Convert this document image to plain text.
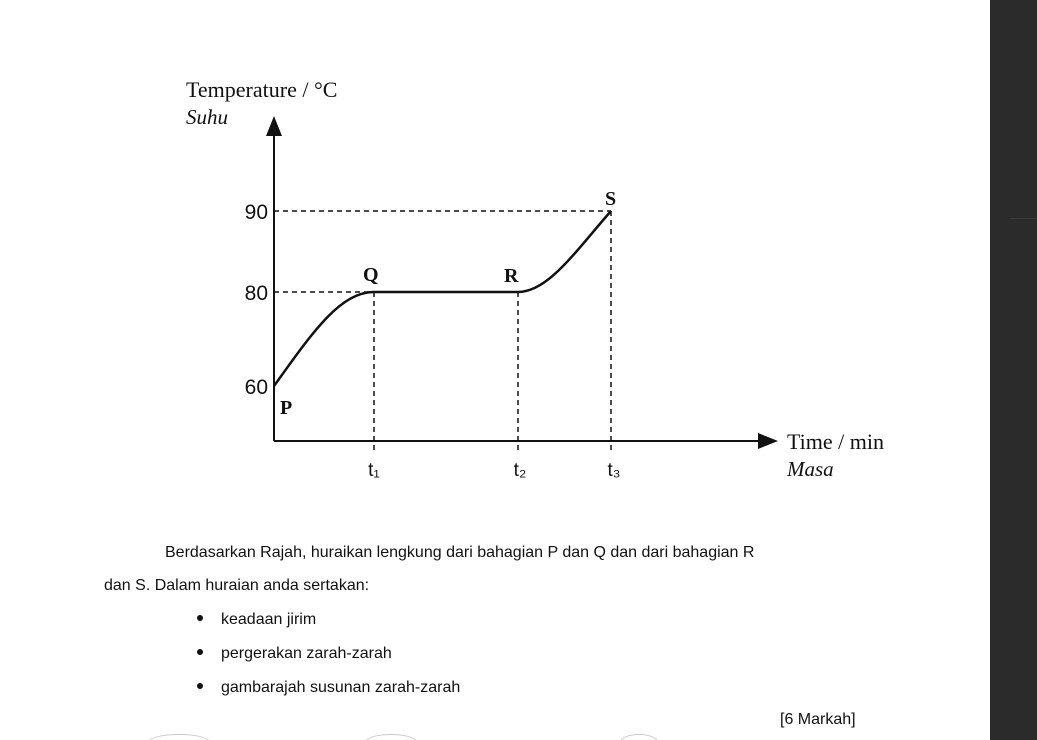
Temperature / °C
Suhu
Time / min
Masa
90
80
60
t₁	t₂	t₃
P
Q	R
S
Berdasarkan Rajah, huraikan lengkung dari bahagian P dan Q dan dari bahagian R
dan S. Dalam huraian anda sertakan:
keadaan jirim
pergerakan zarah-zarah
gambarajah susunan zarah-zarah
[6 Markah]
